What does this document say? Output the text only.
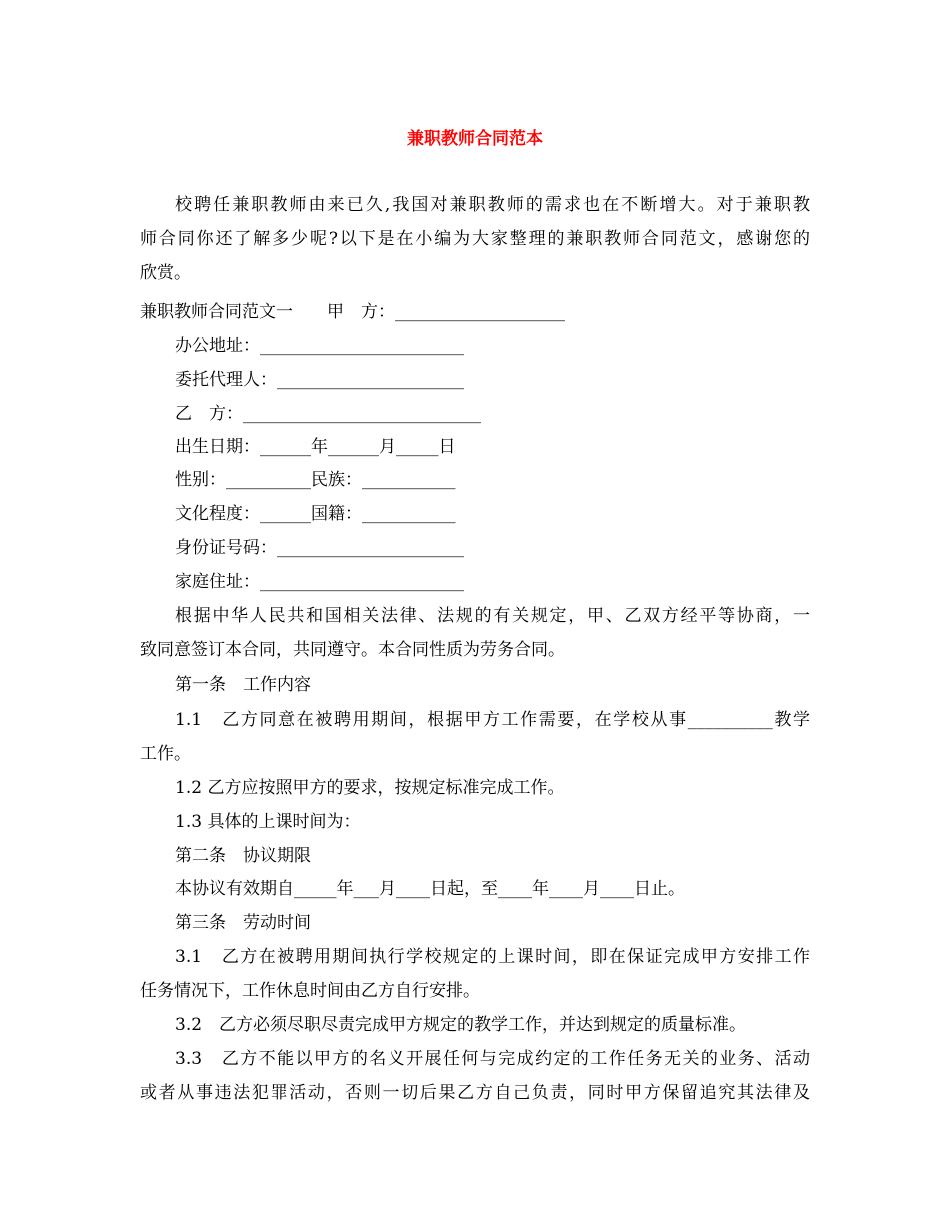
兼职教师合同范本
校聘任兼职教师由来已久,我国对兼职教师的需求也在不断增大。对于兼职教
师合同你还了解多少呢?以下是在小编为大家整理的兼职教师合同范文，感谢您的
欣赏。
兼职教师合同范文一　　甲　方：____________________
办公地址：________________________
委托代理人：______________________
乙　方：____________________________
出生日期：______年______月_____日
性别：__________民族：___________
文化程度：______国籍：___________
身份证号码：______________________
家庭住址：________________________
根据中华人民共和国相关法律、法规的有关规定，甲、乙双方经平等协商，一
致同意签订本合同，共同遵守。本合同性质为劳务合同。
第一条　工作内容
1.1　乙方同意在被聘用期间，根据甲方工作需要，在学校从事__________教学
工作。
1.2 乙方应按照甲方的要求，按规定标准完成工作。
1.3 具体的上课时间为：
第二条　协议期限
本协议有效期自_____年___月____日起，至____年____月____日止。
第三条　劳动时间
3.1　乙方在被聘用期间执行学校规定的上课时间，即在保证完成甲方安排工作
任务情况下，工作休息时间由乙方自行安排。
3.2　乙方必须尽职尽责完成甲方规定的教学工作，并达到规定的质量标准。
3.3　乙方不能以甲方的名义开展任何与完成约定的工作任务无关的业务、活动
或者从事违法犯罪活动，否则一切后果乙方自己负责，同时甲方保留追究其法律及
